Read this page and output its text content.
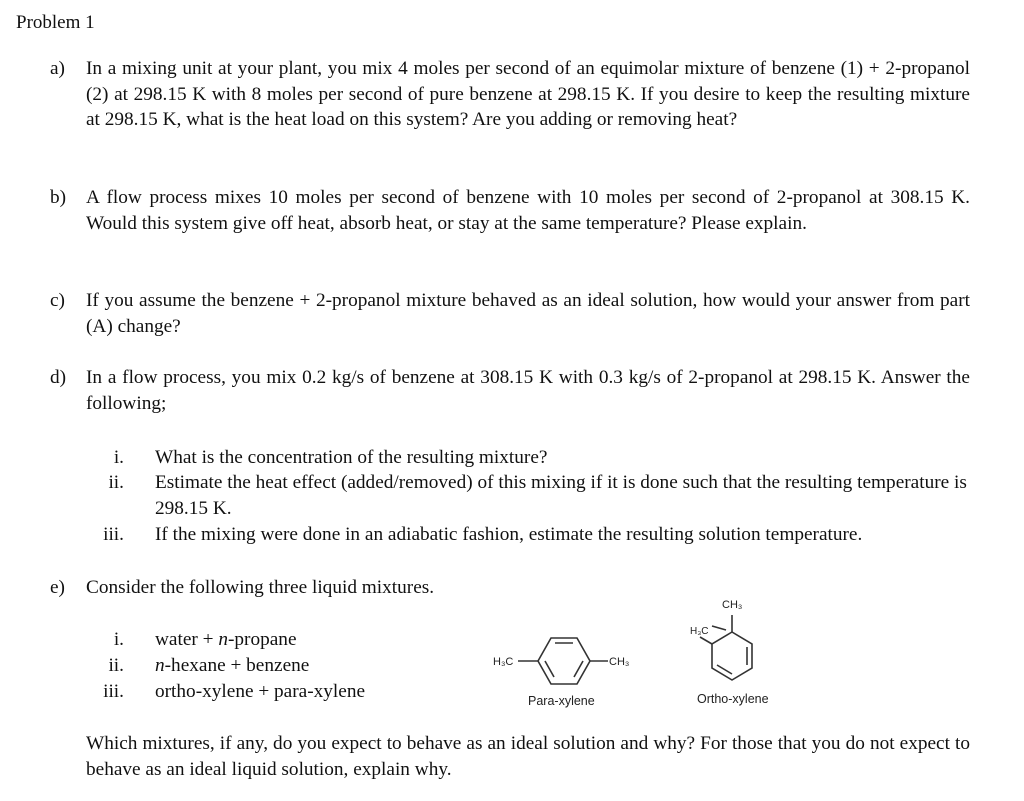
Problem 1
a) In a mixing unit at your plant, you mix 4 moles per second of an equimolar mixture of benzene (1) + 2-propanol (2) at 298.15 K with 8 moles per second of pure benzene at 298.15 K. If you desire to keep the resulting mixture at 298.15 K, what is the heat load on this system? Are you adding or removing heat?
b) A flow process mixes 10 moles per second of benzene with 10 moles per second of 2-propanol at 308.15 K. Would this system give off heat, absorb heat, or stay at the same temperature? Please explain.
c) If you assume the benzene + 2-propanol mixture behaved as an ideal solution, how would your answer from part (A) change?
d) In a flow process, you mix 0.2 kg/s of benzene at 308.15 K with 0.3 kg/s of 2-propanol at 298.15 K. Answer the following;
i. What is the concentration of the resulting mixture?
ii. Estimate the heat effect (added/removed) of this mixing if it is done such that the resulting temperature is 298.15 K.
iii. If the mixing were done in an adiabatic fashion, estimate the resulting solution temperature.
e) Consider the following three liquid mixtures.
i. water + n-propane
ii. n-hexane + benzene
iii. ortho-xylene + para-xylene
H₃C	CH₃
Para-xylene
CH₃
H₃C
Ortho-xylene
Which mixtures, if any, do you expect to behave as an ideal solution and why? For those that you do not expect to behave as an ideal liquid solution, explain why.
